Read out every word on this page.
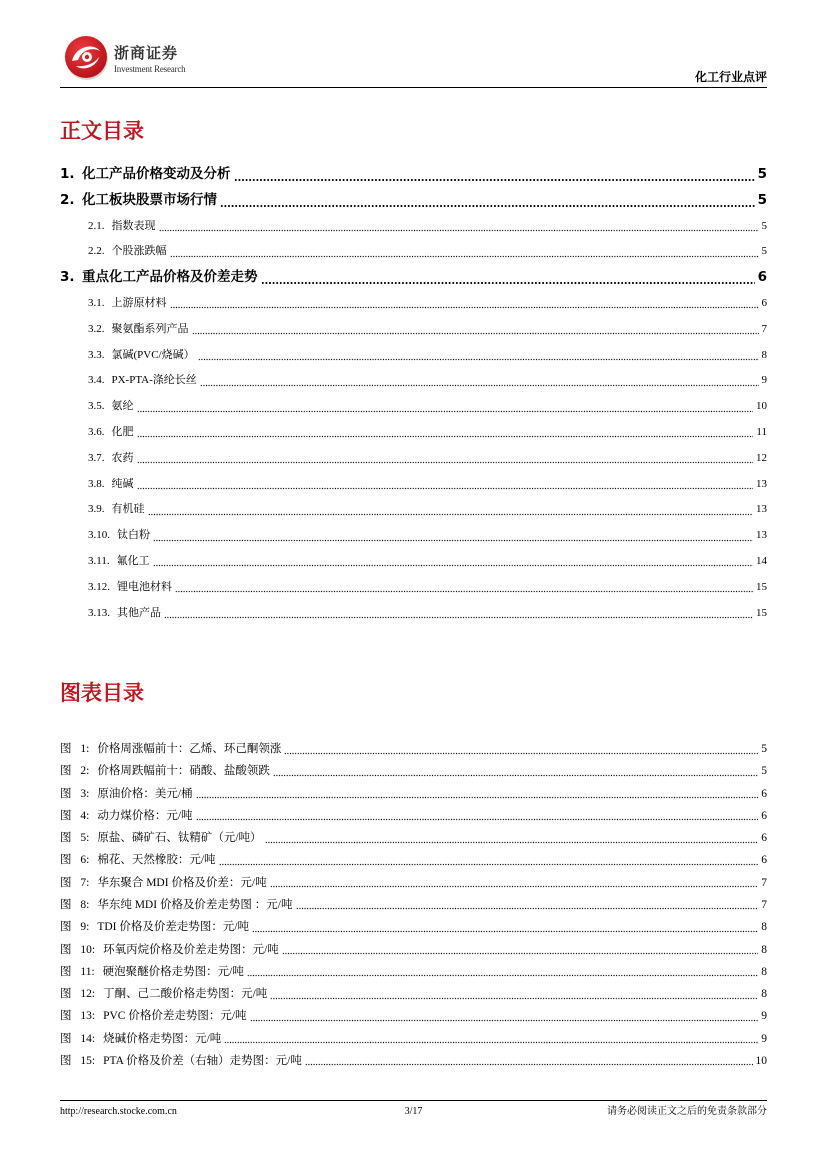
浙商证券
Investment Research
化工行业点评
正文目录
1. 化工产品价格变动及分析	5
2. 化工板块股票市场行情	5
2.1. 指数表现	5
2.2. 个股涨跌幅	5
3. 重点化工产品价格及价差走势	6
3.1. 上游原材料	6
3.2. 聚氨酯系列产品	7
3.3. 氯碱(PVC/烧碱）	8
3.4. PX-PTA-涤纶长丝	9
3.5. 氨纶	10
3.6. 化肥	11
3.7. 农药	12
3.8. 纯碱	13
3.9. 有机硅	13
3.10. 钛白粉	13
3.11. 氟化工	14
3.12. 锂电池材料	15
3.13. 其他产品	15
图表目录
图 1: 价格周涨幅前十：乙烯、环己酮领涨	5
图 2: 价格周跌幅前十：硝酸、盐酸领跌	5
图 3: 原油价格：美元/桶	6
图 4: 动力煤价格：元/吨	6
图 5: 原盐、磷矿石、钛精矿（元/吨）	6
图 6: 棉花、天然橡胶：元/吨	6
图 7: 华东聚合 MDI 价格及价差：元/吨	7
图 8: 华东纯 MDI 价格及价差走势图 ：元/吨	7
图 9: TDI 价格及价差走势图：元/吨	8
图 10: 环氧丙烷价格及价差走势图：元/吨	8
图 11: 硬泡聚醚价格走势图：元/吨	8
图 12: 丁酮、己二酸价格走势图：元/吨	8
图 13: PVC 价格价差走势图：元/吨	9
图 14: 烧碱价格走势图：元/吨	9
图 15: PTA 价格及价差（右轴）走势图：元/吨	10
http://research.stocke.com.cn	3/17	请务必阅读正文之后的免责条款部分
